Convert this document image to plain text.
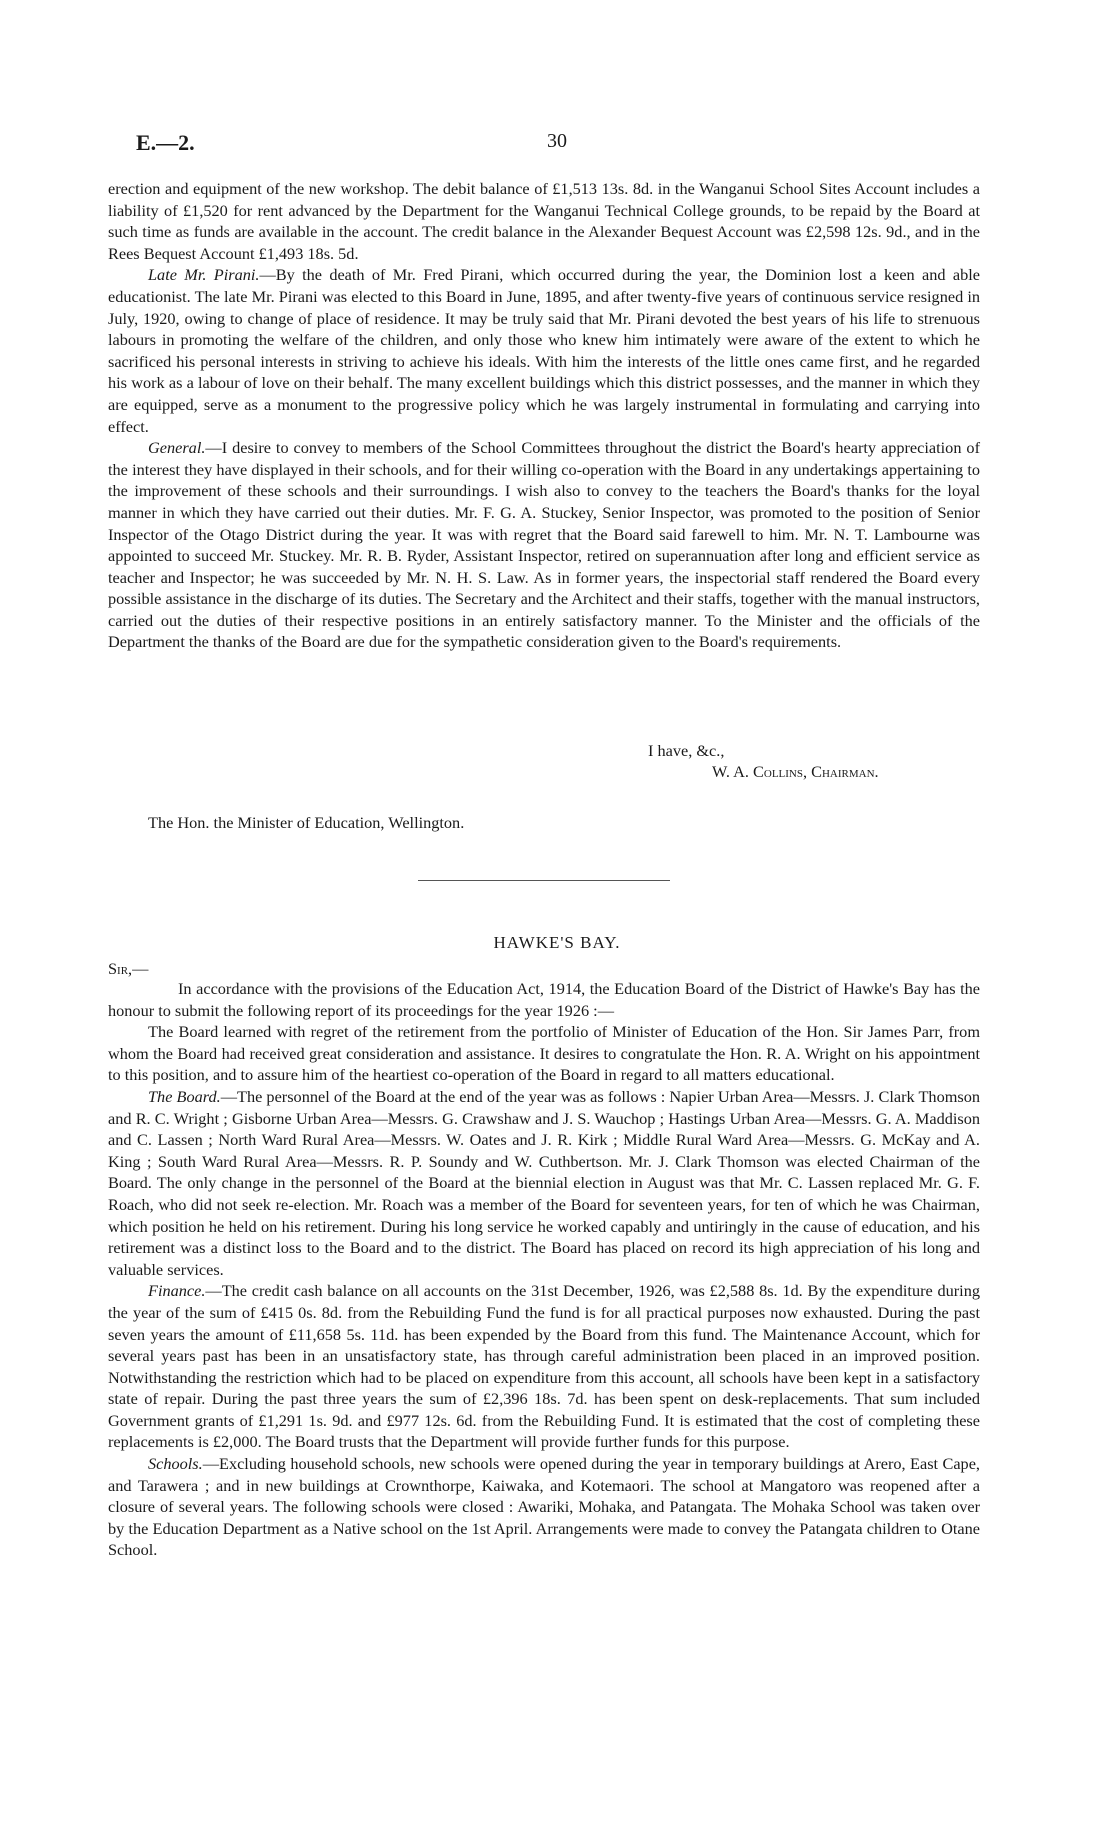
E.—2.	30

erection and equipment of the new workshop. The debit balance of £1,513 13s. 8d. in the Wanganui School Sites Account includes a liability of £1,520 for rent advanced by the Department for the Wanganui Technical College grounds, to be repaid by the Board at such time as funds are available in the account. The credit balance in the Alexander Bequest Account was £2,598 12s. 9d., and in the Rees Bequest Account £1,493 18s. 5d.

Late Mr. Pirani.—By the death of Mr. Fred Pirani, which occurred during the year, the Dominion lost a keen and able educationist. The late Mr. Pirani was elected to this Board in June, 1895, and after twenty-five years of continuous service resigned in July, 1920, owing to change of place of residence. It may be truly said that Mr. Pirani devoted the best years of his life to strenuous labours in promoting the welfare of the children, and only those who knew him intimately were aware of the extent to which he sacrificed his personal interests in striving to achieve his ideals. With him the interests of the little ones came first, and he regarded his work as a labour of love on their behalf. The many excellent buildings which this district possesses, and the manner in which they are equipped, serve as a monument to the progressive policy which he was largely instrumental in formulating and carrying into effect.

General.—I desire to convey to members of the School Committees throughout the district the Board's hearty appreciation of the interest they have displayed in their schools, and for their willing co-operation with the Board in any undertakings appertaining to the improvement of these schools and their surroundings. I wish also to convey to the teachers the Board's thanks for the loyal manner in which they have carried out their duties. Mr. F. G. A. Stuckey, Senior Inspector, was promoted to the position of Senior Inspector of the Otago District during the year. It was with regret that the Board said farewell to him. Mr. N. T. Lambourne was appointed to succeed Mr. Stuckey. Mr. R. B. Ryder, Assistant Inspector, retired on superannuation after long and efficient service as teacher and Inspector; he was succeeded by Mr. N. H. S. Law. As in former years, the inspectorial staff rendered the Board every possible assistance in the discharge of its duties. The Secretary and the Architect and their staffs, together with the manual instructors, carried out the duties of their respective positions in an entirely satisfactory manner. To the Minister and the officials of the Department the thanks of the Board are due for the sympathetic consideration given to the Board's requirements.

I have, &c.,
W. A. Collins, Chairman.
The Hon. the Minister of Education, Wellington.
HAWKE'S BAY.
Sir,—

In accordance with the provisions of the Education Act, 1914, the Education Board of the District of Hawke's Bay has the honour to submit the following report of its proceedings for the year 1926 :—

The Board learned with regret of the retirement from the portfolio of Minister of Education of the Hon. Sir James Parr, from whom the Board had received great consideration and assistance. It desires to congratulate the Hon. R. A. Wright on his appointment to this position, and to assure him of the heartiest co-operation of the Board in regard to all matters educational.

The Board.—The personnel of the Board at the end of the year was as follows : Napier Urban Area—Messrs. J. Clark Thomson and R. C. Wright ; Gisborne Urban Area—Messrs. G. Crawshaw and J. S. Wauchop ; Hastings Urban Area—Messrs. G. A. Maddison and C. Lassen ; North Ward Rural Area—Messrs. W. Oates and J. R. Kirk ; Middle Rural Ward Area—Messrs. G. McKay and A. King ; South Ward Rural Area—Messrs. R. P. Soundy and W. Cuthbertson. Mr. J. Clark Thomson was elected Chairman of the Board. The only change in the personnel of the Board at the biennial election in August was that Mr. C. Lassen replaced Mr. G. F. Roach, who did not seek re-election. Mr. Roach was a member of the Board for seventeen years, for ten of which he was Chairman, which position he held on his retirement. During his long service he worked capably and untiringly in the cause of education, and his retirement was a distinct loss to the Board and to the district. The Board has placed on record its high appreciation of his long and valuable services.

Finance.—The credit cash balance on all accounts on the 31st December, 1926, was £2,588 8s. 1d. By the expenditure during the year of the sum of £415 0s. 8d. from the Rebuilding Fund the fund is for all practical purposes now exhausted. During the past seven years the amount of £11,658 5s. 11d. has been expended by the Board from this fund. The Maintenance Account, which for several years past has been in an unsatisfactory state, has through careful administration been placed in an improved position. Notwithstanding the restriction which had to be placed on expenditure from this account, all schools have been kept in a satisfactory state of repair. During the past three years the sum of £2,396 18s. 7d. has been spent on desk-replacements. That sum included Government grants of £1,291 1s. 9d. and £977 12s. 6d. from the Rebuilding Fund. It is estimated that the cost of completing these replacements is £2,000. The Board trusts that the Department will provide further funds for this purpose.

Schools.—Excluding household schools, new schools were opened during the year in temporary buildings at Arero, East Cape, and Tarawera ; and in new buildings at Crownthorpe, Kaiwaka, and Kotemaori. The school at Mangatoro was reopened after a closure of several years. The following schools were closed : Awariki, Mohaka, and Patangata. The Mohaka School was taken over by the Education Department as a Native school on the 1st April. Arrangements were made to convey the Patangata children to Otane School.
